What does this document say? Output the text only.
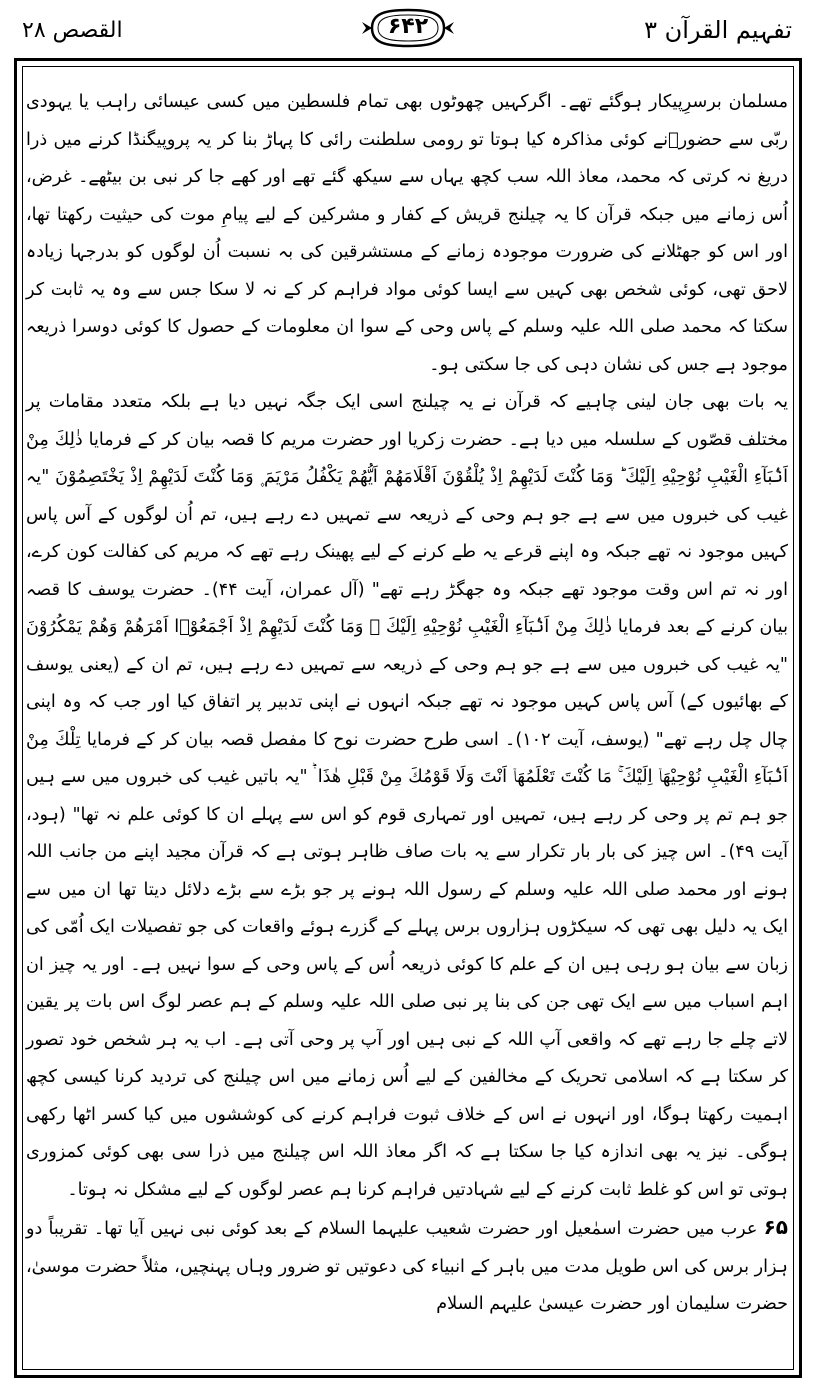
القصص ۲۸	۶۴۲	تفہیم القرآن ۳

مسلمان برسرِپیکار ہوگئے تھے۔ اگرکہیں چھوٹوں بھی تمام فلسطین میں کسی عیسائی راہب یا یہودی ربّی سے حضورؐنے کوئی مذاکرہ کیا ہوتا تو رومی سلطنت رائی کا پہاڑ بنا کر یہ پروپیگنڈا کرنے میں ذرا دریغ نہ کرتی کہ محمد، معاذ اللہ سب کچھ یہاں سے سیکھ گئے تھے اور کھے جا کر نبی بن بیٹھے۔ غرض، اُس زمانے میں جبکہ قرآن کا یہ چیلنج قریش کے کفار و مشرکین کے لیے پیامِ موت کی حیثیت رکھتا تھا، اور اس کو جھٹلانے کی ضرورت موجودہ زمانے کے مستشرقین کی بہ نسبت اُن لوگوں کو بدرجہا زیادہ لاحق تھی، کوئی شخص بھی کہیں سے ایسا کوئی مواد فراہم کر کے نہ لا سکا جس سے وہ یہ ثابت کر سکتا کہ محمد صلی اللہ علیہ وسلم کے پاس وحی کے سوا ان معلومات کے حصول کا کوئی دوسرا ذریعہ موجود ہے جس کی نشان دہی کی جا سکتی ہو۔

یہ بات بھی جان لینی چاہیے کہ قرآن نے یہ چیلنج اسی ایک جگہ نہیں دیا ہے بلکہ متعدد مقامات پر مختلف قصّوں کے سلسلہ میں دیا ہے۔ حضرت زکریا اور حضرت مریم کا قصہ بیان کر کے فرمایا ذٰلِكَ مِنْ اَنْۢبَآءِ الْغَيْبِ نُوْحِيْهِ اِلَيْكَ ؕ وَمَا كُنْتَ لَدَيْهِمْ اِذْ يُلْقُوْنَ اَقْلَامَهُمْ اَيُّهُمْ يَكْفُلُ مَرْيَمَ ۪ وَمَا كُنْتَ لَدَيْهِمْ اِذْ يَخْتَصِمُوْنَ "یہ غیب کی خبروں میں سے ہے جو ہم وحی کے ذریعہ سے تمہیں دے رہے ہیں، تم اُن لوگوں کے آس پاس کہیں موجود نہ تھے جبکہ وہ اپنے قرعے یہ طے کرنے کے لیے پھینک رہے تھے کہ مریم کی کفالت کون کرے، اور نہ تم اس وقت موجود تھے جبکہ وہ جھگڑ رہے تھے" (آل عمران، آیت ۴۴)۔ حضرت یوسف کا قصہ بیان کرنے کے بعد فرمایا ذٰلِكَ مِنْ اَنْۢبَآءِ الْغَيْبِ نُوْحِيْهِ اِلَيْكَ ۚ وَمَا كُنْتَ لَدَيْهِمْ اِذْ اَجْمَعُوْۤا اَمْرَهُمْ وَهُمْ يَمْكُرُوْنَ "یہ غیب کی خبروں میں سے ہے جو ہم وحی کے ذریعہ سے تمہیں دے رہے ہیں، تم ان کے (یعنی یوسف کے بھائیوں کے) آس پاس کہیں موجود نہ تھے جبکہ انہوں نے اپنی تدبیر پر اتفاق کیا اور جب کہ وہ اپنی چال چل رہے تھے" (یوسف، آیت ۱۰۲)۔ اسی طرح حضرت نوح کا مفصل قصہ بیان کر کے فرمایا تِلْكَ مِنْ اَنْۢبَآءِ الْغَيْبِ نُوْحِيْهَاۤ اِلَيْكَ ۚ مَا كُنْتَ تَعْلَمُهَاۤ اَنْتَ وَلَا قَوْمُكَ مِنْ قَبْلِ هٰذَا ۛؕ "یہ باتیں غیب کی خبروں میں سے ہیں جو ہم تم پر وحی کر رہے ہیں، تمہیں اور تمہاری قوم کو اس سے پہلے ان کا کوئی علم نہ تھا" (ہود، آیت ۴۹)۔ اس چیز کی بار بار تکرار سے یہ بات صاف ظاہر ہوتی ہے کہ قرآن مجید اپنے من جانب اللہ ہونے اور محمد صلی اللہ علیہ وسلم کے رسول اللہ ہونے پر جو بڑے سے بڑے دلائل دیتا تھا ان میں سے ایک یہ دلیل بھی تھی کہ سیکڑوں ہزاروں برس پہلے کے گزرے ہوئے واقعات کی جو تفصیلات ایک اُمّی کی زبان سے بیان ہو رہی ہیں ان کے علم کا کوئی ذریعہ اُس کے پاس وحی کے سوا نہیں ہے۔ اور یہ چیز ان اہم اسباب میں سے ایک تھی جن کی بنا پر نبی صلی اللہ علیہ وسلم کے ہم عصر لوگ اس بات پر یقین لاتے چلے جا رہے تھے کہ واقعی آپ اللہ کے نبی ہیں اور آپ پر وحی آتی ہے۔ اب یہ ہر شخص خود تصور کر سکتا ہے کہ اسلامی تحریک کے مخالفین کے لیے اُس زمانے میں اس چیلنج کی تردید کرنا کیسی کچھ اہمیت رکھتا ہوگا، اور انہوں نے اس کے خلاف ثبوت فراہم کرنے کی کوششوں میں کیا کسر اٹھا رکھی ہوگی۔ نیز یہ بھی اندازہ کیا جا سکتا ہے کہ اگر معاذ اللہ اس چیلنج میں ذرا سی بھی کوئی کمزوری ہوتی تو اس کو غلط ثابت کرنے کے لیے شہادتیں فراہم کرنا ہم عصر لوگوں کے لیے مشکل نہ ہوتا۔

۶۵ عرب میں حضرت اسمٰعیل اور حضرت شعیب علیہما السلام کے بعد کوئی نبی نہیں آیا تھا۔ تقریباً دو ہزار برس کی اس طویل مدت میں باہر کے انبیاء کی دعوتیں تو ضرور وہاں پہنچیں، مثلاً حضرت موسیٰ، حضرت سلیمان اور حضرت عیسیٰ علیہم السلام
